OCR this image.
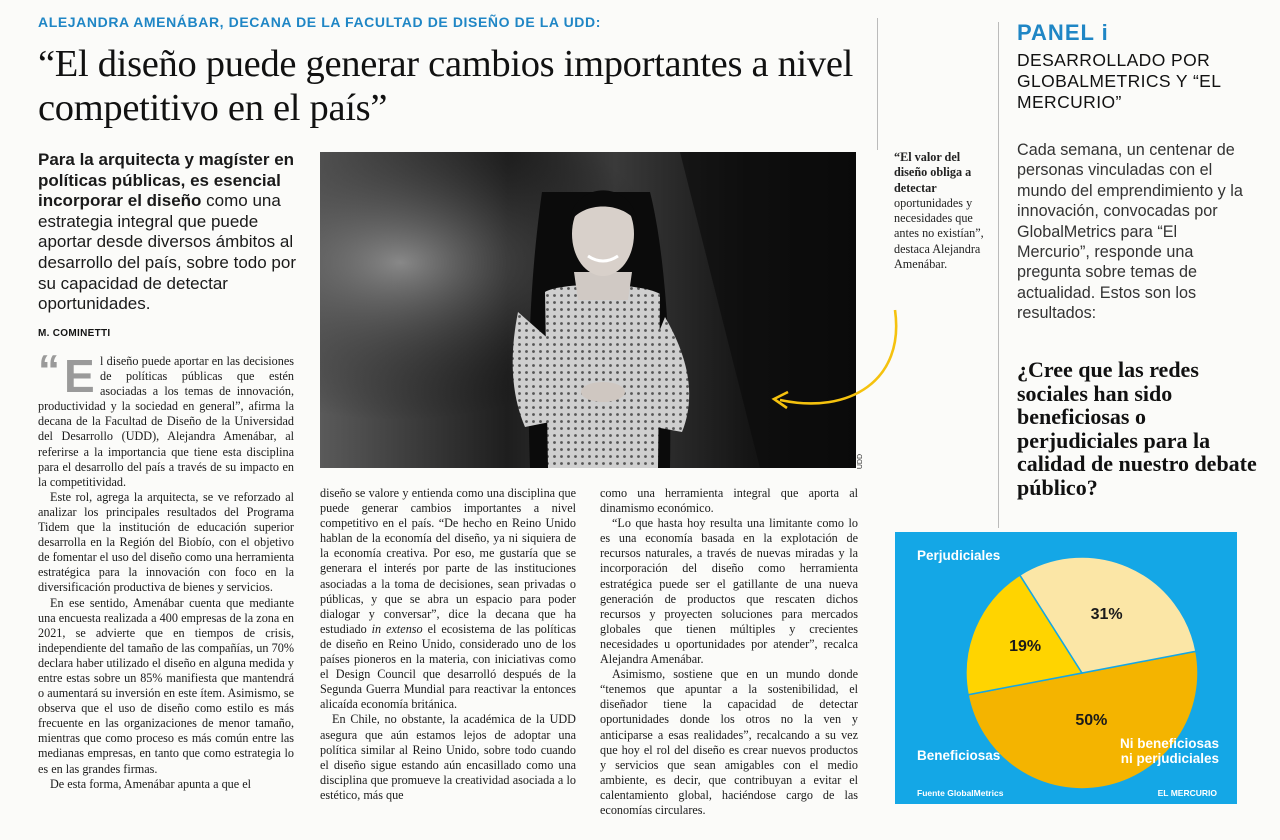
ALEJANDRA AMENÁBAR, DECANA DE LA FACULTAD DE DISEÑO DE LA UDD:
“El diseño puede generar cambios importantes a nivel competitivo en el país”
Para la arquitecta y magíster en políticas públicas, es esencial incorporar el diseño como una estrategia integral que puede aportar desde diversos ámbitos al desarrollo del país, sobre todo por su capacidad de detectar oportunidades.
M. COMINETTI

“ E l diseño puede aportar en las decisiones de políticas públicas que estén asociadas a los temas de innovación, productividad y la sociedad en general”, afirma la decana de la Facultad de Diseño de la Universidad del Desarrollo (UDD), Alejandra Amenábar, al referirse a la importancia que tiene esta disciplina para el desarrollo del país a través de su impacto en la competitividad.

Este rol, agrega la arquitecta, se ve reforzado al analizar los principales resultados del Programa Tidem que la institución de educación superior desarrolla en la Región del Biobío, con el objetivo de fomentar el uso del diseño como una herramienta estratégica para la innovación con foco en la diversificación productiva de bienes y servicios.

En ese sentido, Amenábar cuenta que mediante una encuesta realizada a 400 empresas de la zona en 2021, se advierte que en tiempos de crisis, independiente del tamaño de las compañías, un 70% declara haber utilizado el diseño en alguna medida y entre estas sobre un 85% manifiesta que mantendrá o aumentará su inversión en este ítem. Asimismo, se observa que el uso de diseño como estilo es más frecuente en las organizaciones de menor tamaño, mientras que como proceso es más común entre las medianas empresas, en tanto que como estrategia lo es en las grandes firmas.

De esta forma, Amenábar apunta a que el

UDD
“El valor del diseño obliga a detectar oportunidades y necesidades que antes no existían”, destaca Alejandra Amenábar.

diseño se valore y entienda como una disciplina que puede generar cambios importantes a nivel competitivo en el país. “De hecho en Reino Unido hablan de la economía del diseño, ya ni siquiera de la economía creativa. Por eso, me gustaría que se generara el interés por parte de las instituciones asociadas a la toma de decisiones, sean privadas o públicas, y que se abra un espacio para poder dialogar y conversar”, dice la decana que ha estudiado in extenso el ecosistema de las políticas de diseño en Reino Unido, considerado uno de los países pioneros en la materia, con iniciativas como el Design Council que desarrolló después de la Segunda Guerra Mundial para reactivar la entonces alicaída economía británica.

En Chile, no obstante, la académica de la UDD asegura que aún estamos lejos de adoptar una política similar al Reino Unido, sobre todo cuando el diseño sigue estando aún encasillado como una disciplina que promueve la creatividad asociada a lo estético, más que

como una herramienta integral que aporta al dinamismo económico.

“Lo que hasta hoy resulta una limitante como lo es una economía basada en la explotación de recursos naturales, a través de nuevas miradas y la incorporación del diseño como herramienta estratégica puede ser el gatillante de una nueva generación de productos que rescaten dichos recursos y proyecten soluciones para mercados globales que tienen múltiples y crecientes necesidades u oportunidades por atender”, recalca Alejandra Amenábar.

Asimismo, sostiene que en un mundo donde “tenemos que apuntar a la sostenibilidad, el diseñador tiene la capacidad de detectar oportunidades donde los otros no la ven y anticiparse a esas realidades”, recalcando a su vez que hoy el rol del diseño es crear nuevos productos y servicios que sean amigables con el medio ambiente, es decir, que contribuyan a evitar el calentamiento global, haciéndose cargo de las economías circulares.

PANEL i
DESARROLLADO POR GLOBALMETRICS Y “EL MERCURIO”
Cada semana, un centenar de personas vinculadas con el mundo del emprendimiento y la innovación, convocadas por GlobalMetrics para “El Mercurio”, responde una pregunta sobre temas de actualidad. Estos son los resultados:
¿Cree que las redes sociales han sido beneficiosas o perjudiciales para la calidad de nuestro debate público?
50%
19%
31%
Perjudiciales
Ni beneficiosas
ni perjudiciales
Beneficiosas
Fuente GlobalMetrics	EL MERCURIO
